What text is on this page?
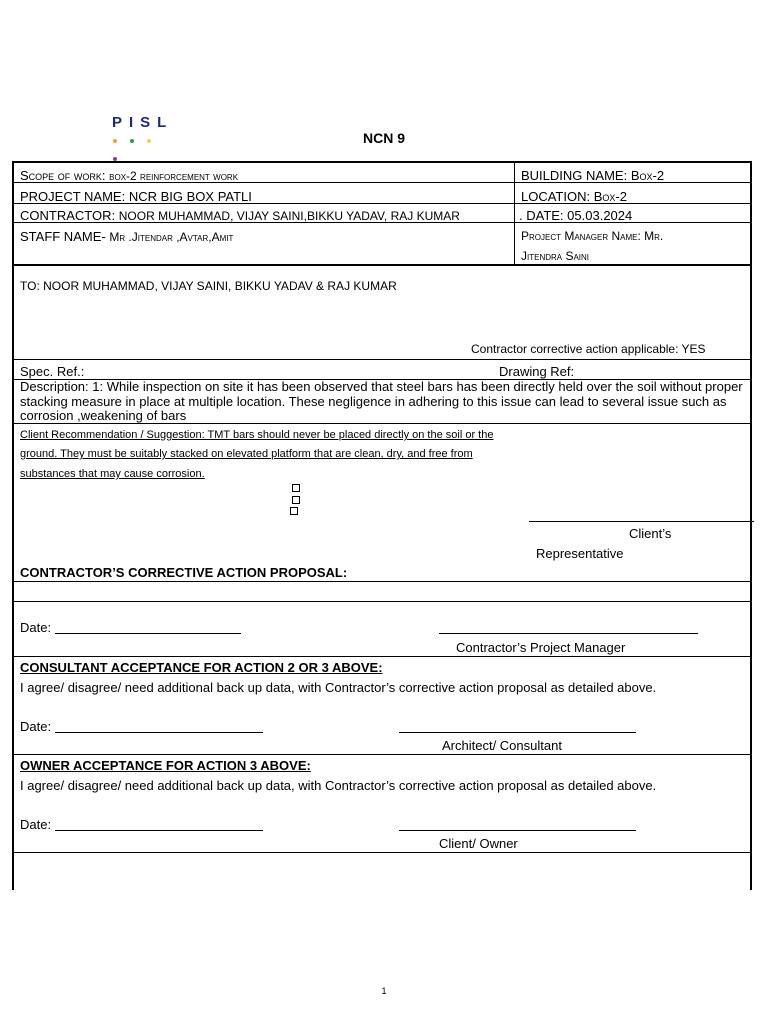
PISL
NCN 9
Scope of work: box-2 reinforcement work	BUILDING NAME: Box-2
PROJECT NAME: NCR BIG BOX PATLI	LOCATION: Box-2
CONTRACTOR: NOOR MUHAMMAD, VIJAY SAINI,BIKKU YADAV, RAJ KUMAR	. DATE: 05.03.2024
STAFF NAME- Mr .Jitendar ,Avtar,Amit	Project Manager Name: Mr.
Jitendra Saini
TO: NOOR MUHAMMAD, VIJAY SAINI, BIKKU YADAV & RAJ KUMAR
Contractor corrective action applicable: YES
Spec. Ref.:	Drawing Ref:
Description: 1: While inspection on site it has been observed that steel bars has been directly held over the soil without proper stacking measure in place at multiple location. These negligence in adhering to this issue can lead to several issue such as corrosion ,weakening of bars
Client Recommendation / Suggestion: TMT bars should never be placed directly on the soil or the
ground. They must be suitably stacked on elevated platform that are clean, dry, and free from
substances that may cause corrosion.
Client’s
Representative
CONTRACTOR’S CORRECTIVE ACTION PROPOSAL:
Date:
Contractor’s Project Manager
CONSULTANT ACCEPTANCE FOR ACTION 2 OR 3 ABOVE:
I agree/ disagree/ need additional back up data, with Contractor’s corrective action proposal as detailed above.
Date:
Architect/ Consultant
OWNER ACCEPTANCE FOR ACTION 3 ABOVE:
I agree/ disagree/ need additional back up data, with Contractor’s corrective action proposal as detailed above.
Date:
Client/ Owner
1
